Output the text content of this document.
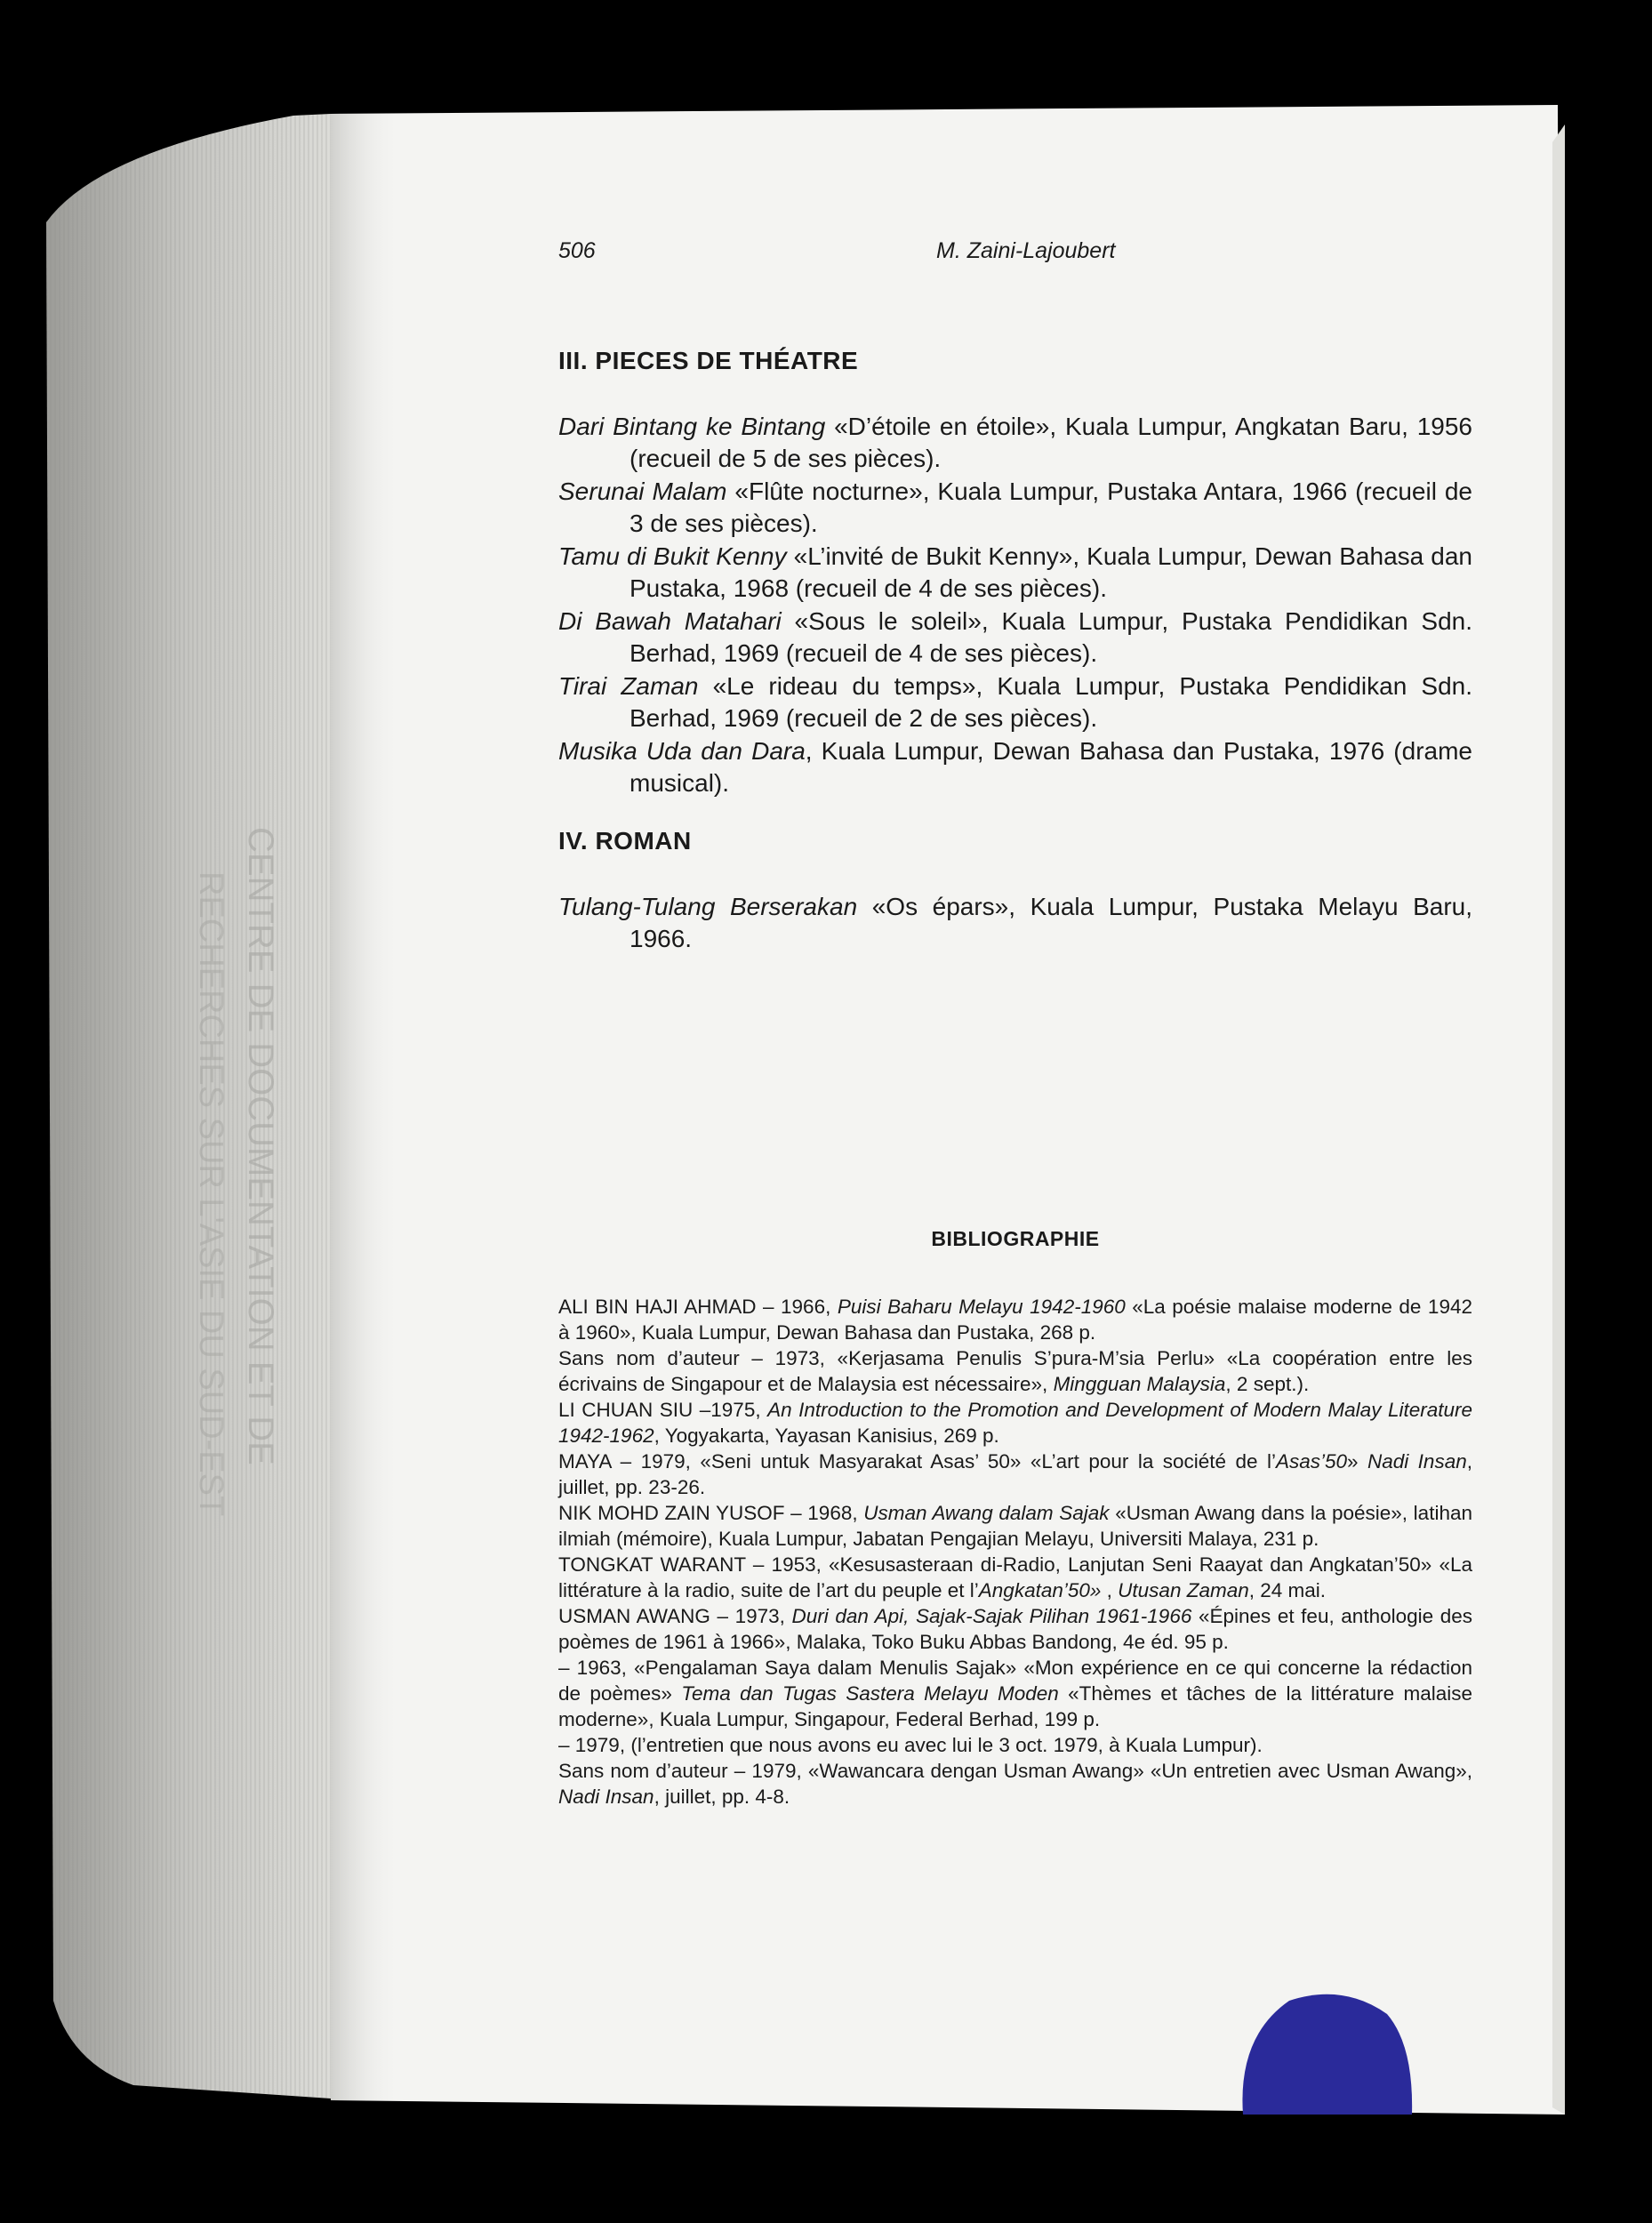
CENTRE DE DOCUMENTATION ET DE
RECHERCHES SUR L'ASIE DU SUD-EST
506	M. Zaini-Lajoubert
III. PIECES DE THÉATRE

Dari Bintang ke Bintang «D’étoile en étoile», Kuala Lumpur, Angkatan Baru, 1956 (recueil de 5 de ses pièces).

Serunai Malam «Flûte nocturne», Kuala Lumpur, Pustaka Antara, 1966 (recueil de 3 de ses pièces).

Tamu di Bukit Kenny «L’invité de Bukit Kenny», Kuala Lumpur, Dewan Bahasa dan Pustaka, 1968 (recueil de 4 de ses pièces).

Di Bawah Matahari «Sous le soleil», Kuala Lumpur, Pustaka Pendidikan Sdn. Berhad, 1969 (recueil de 4 de ses pièces).

Tirai Zaman «Le rideau du temps», Kuala Lumpur, Pustaka Pendidikan Sdn. Berhad, 1969 (recueil de 2 de ses pièces).

Musika Uda dan Dara, Kuala Lumpur, Dewan Bahasa dan Pustaka, 1976 (drame musical).

IV. ROMAN

Tulang-Tulang Berserakan «Os épars», Kuala Lumpur, Pustaka Melayu Baru, 1966.

BIBLIOGRAPHIE

ALI BIN HAJI AHMAD – 1966, Puisi Baharu Melayu 1942-1960 «La poésie malaise moderne de 1942 à 1960», Kuala Lumpur, Dewan Bahasa dan Pustaka, 268 p.

Sans nom d’auteur – 1973, «Kerjasama Penulis S’pura-M’sia Perlu» «La coopération entre les écrivains de Singapour et de Malaysia est nécessaire», Mingguan Malaysia, 2 sept.).

LI CHUAN SIU –1975, An Introduction to the Promotion and Development of Modern Malay Literature 1942-1962, Yogyakarta, Yayasan Kanisius, 269 p.

MAYA – 1979, «Seni untuk Masyarakat Asas’ 50» «L’art pour la société de l’Asas’50» Nadi Insan, juillet, pp. 23-26.

NIK MOHD ZAIN YUSOF – 1968, Usman Awang dalam Sajak «Usman Awang dans la poésie», latihan ilmiah (mémoire), Kuala Lumpur, Jabatan Pengajian Melayu, Universiti Malaya, 231 p.

TONGKAT WARANT – 1953, «Kesusasteraan di-Radio, Lanjutan Seni Raayat dan Angkatan’50» «La littérature à la radio, suite de l’art du peuple et l’Angkatan’50» , Utusan Zaman, 24 mai.

USMAN AWANG – 1973, Duri dan Api, Sajak-Sajak Pilihan 1961-1966 «Épines et feu, anthologie des poèmes de 1961 à 1966», Malaka, Toko Buku Abbas Bandong, 4e éd. 95 p.

– 1963, «Pengalaman Saya dalam Menulis Sajak» «Mon expérience en ce qui concerne la rédaction de poèmes» Tema dan Tugas Sastera Melayu Moden «Thèmes et tâches de la littérature malaise moderne», Kuala Lumpur, Singapour, Federal Berhad, 199 p.

– 1979, (l’entretien que nous avons eu avec lui le 3 oct. 1979, à Kuala Lumpur).

Sans nom d’auteur – 1979, «Wawancara dengan Usman Awang» «Un entretien avec Usman Awang», Nadi Insan, juillet, pp. 4-8.
